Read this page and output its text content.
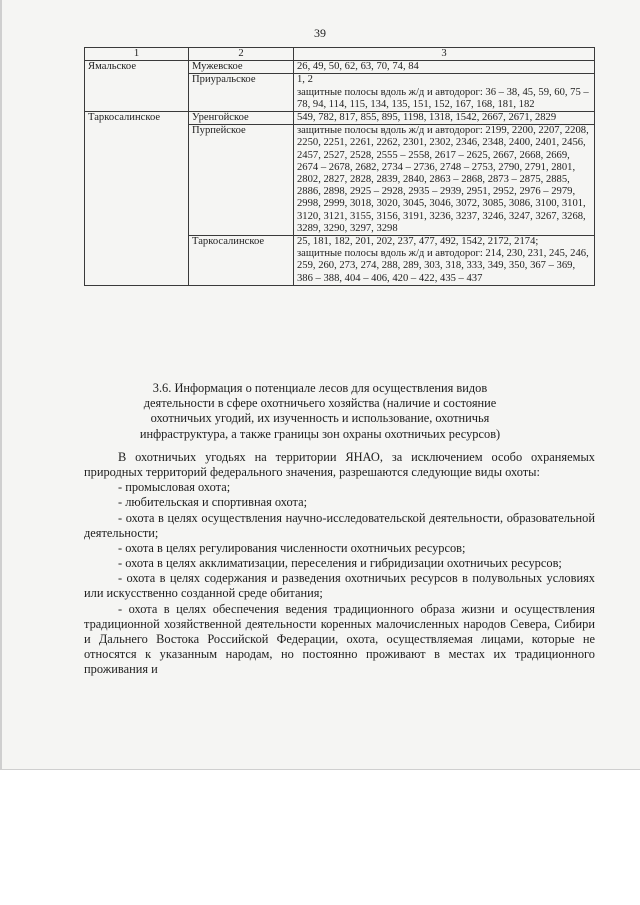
39
1	2	3
Ямальское	Мужевское	26, 49, 50, 62, 63, 70, 74, 84
	Приуральское	1, 2
защитные полосы вдоль ж/д и автодорог: 36 – 38, 45, 59, 60, 75 – 78, 94, 114, 115, 134, 135, 151, 152, 167, 168, 181, 182
Таркосалинское	Уренгойское	549, 782, 817, 855, 895, 1198, 1318, 1542, 2667, 2671, 2829
	Пурпейское	защитные полосы вдоль ж/д и автодорог: 2199, 2200, 2207, 2208, 2250, 2251, 2261, 2262, 2301, 2302, 2346, 2348, 2400, 2401, 2456, 2457, 2527, 2528, 2555 – 2558, 2617 – 2625, 2667, 2668, 2669, 2674 – 2678, 2682, 2734 – 2736, 2748 – 2753, 2790, 2791, 2801, 2802, 2827, 2828, 2839, 2840, 2863 – 2868, 2873 – 2875, 2885, 2886, 2898, 2925 – 2928, 2935 – 2939, 2951, 2952, 2976 – 2979, 2998, 2999, 3018, 3020, 3045, 3046, 3072, 3085, 3086, 3100, 3101, 3120, 3121, 3155, 3156, 3191, 3236, 3237, 3246, 3247, 3267, 3268, 3289, 3290, 3297, 3298
	Таркосалинское	25, 181, 182, 201, 202, 237, 477, 492, 1542, 2172, 2174;
защитные полосы вдоль ж/д и автодорог: 214, 230, 231, 245, 246, 259, 260, 273, 274, 288, 289, 303, 318, 333, 349, 350, 367 – 369, 386 – 388, 404 – 406, 420 – 422, 435 – 437
3.6. Информация о потенциале лесов для осуществления видов
деятельности в сфере охотничьего хозяйства (наличие и состояние
охотничьих угодий, их изученность и использование, охотничья
инфраструктура, а также границы зон охраны охотничьих ресурсов)

В охотничьих угодьях на территории ЯНАО, за исключением особо охраняемых природных территорий федерального значения, разрешаются следующие виды охоты:

- промысловая охота;

- любительская и спортивная охота;

- охота в целях осуществления научно-исследовательской деятельности, образовательной деятельности;

- охота в целях регулирования численности охотничьих ресурсов;

- охота в целях акклиматизации, переселения и гибридизации охотничьих ресурсов;

- охота в целях содержания и разведения охотничьих ресурсов в полувольных условиях или искусственно созданной среде обитания;

- охота в целях обеспечения ведения традиционного образа жизни и осуществления традиционной хозяйственной деятельности коренных малочисленных народов Севера, Сибири и Дальнего Востока Российской Федерации, охота, осуществляемая лицами, которые не относятся к указанным народам, но постоянно проживают в местах их традиционного проживания и
